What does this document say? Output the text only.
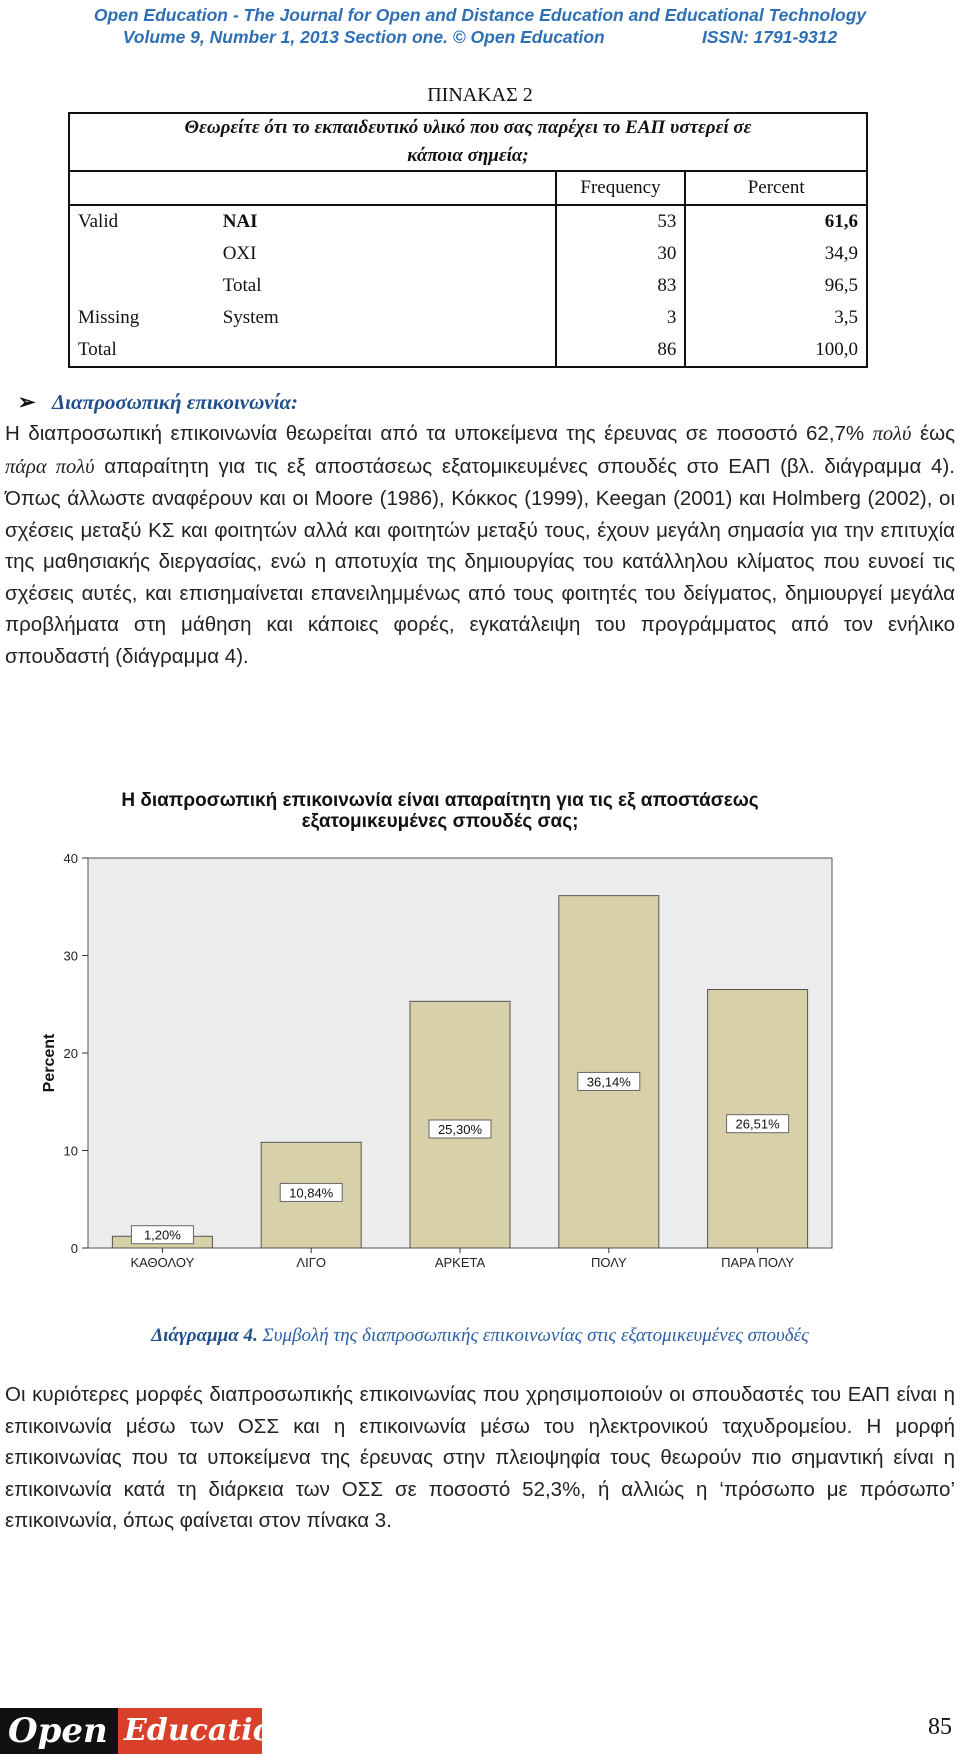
Open Education - The Journal for Open and Distance Education and Educational Technology
Volume 9, Number 1, 2013 Section one.
© Open Education
	ISSN: 1791-9312
ΠΙΝΑΚΑΣ 2
Θεωρείτε ότι το εκπαιδευτικό υλικό που σας παρέχει το ΕΑΠ υστερεί σε
κάποια σημεία;			

		Frequency	Percent
Valid	ΝΑΙ	53	61,6
	ΟΧΙ	30	34,9
	Total	83	96,5
Missing	System	3	3,5
Total		86	100,0
➢ Διαπροσωπική επικοινωνία:
Η διαπροσωπική επικοινωνία θεωρείται από τα υποκείμενα της έρευνας σε ποσοστό 62,7% πολύ έως πάρα πολύ απαραίτητη για τις εξ αποστάσεως εξατομικευμένες σπουδές στο ΕΑΠ (βλ. διάγραμμα 4). Όπως άλλωστε αναφέρουν και οι Moore (1986), Κόκκος (1999), Keegan (2001) και Holmberg (2002), οι σχέσεις μεταξύ ΚΣ και φοιτητών αλλά και φοιτητών μεταξύ τους, έχουν μεγάλη σημασία για την επιτυχία της μαθησιακής διεργασίας, ενώ η αποτυχία της δημιουργίας του κατάλληλου κλίματος που ευνοεί τις σχέσεις αυτές, και επισημαίνεται επανειλημμένως από τους φοιτητές του δείγματος, δημιουργεί μεγάλα προβλήματα στη μάθηση και κάποιες φορές, εγκατάλειψη του προγράμματος από τον ενήλικο σπουδαστή (διάγραμμα 4).
Η διαπροσωπική επικοινωνία είναι απαραίτητη για τις εξ αποστάσεως
εξατομικευμένες σπουδές σας;
0
10
20
30
40
Percent
ΚΑΘΟΛΟΥ
1,20%
ΛΙΓΟ
10,84%
ΑΡΚΕΤΑ
25,30%
ΠΟΛΥ
36,14%
ΠΑΡΑ ΠΟΛΥ
26,51%
Διάγραμμα 4. Συμβολή της διαπροσωπικής επικοινωνίας στις εξατομικευμένες σπουδές
Οι κυριότερες μορφές διαπροσωπικής επικοινωνίας που χρησιμοποιούν οι σπουδαστές του ΕΑΠ είναι η επικοινωνία μέσω των ΟΣΣ και η επικοινωνία μέσω του ηλεκτρονικού ταχυδρομείου. Η μορφή επικοινωνίας που τα υποκείμενα της έρευνας στην πλειοψηφία τους θεωρούν πιο σημαντική είναι η επικοινωνία κατά τη διάρκεια των ΟΣΣ σε ποσοστό 52,3%, ή αλλιώς η ‘πρόσωπο με πρόσωπο’ επικοινωνία, όπως φαίνεται στον πίνακα 3.
Open Education	85
